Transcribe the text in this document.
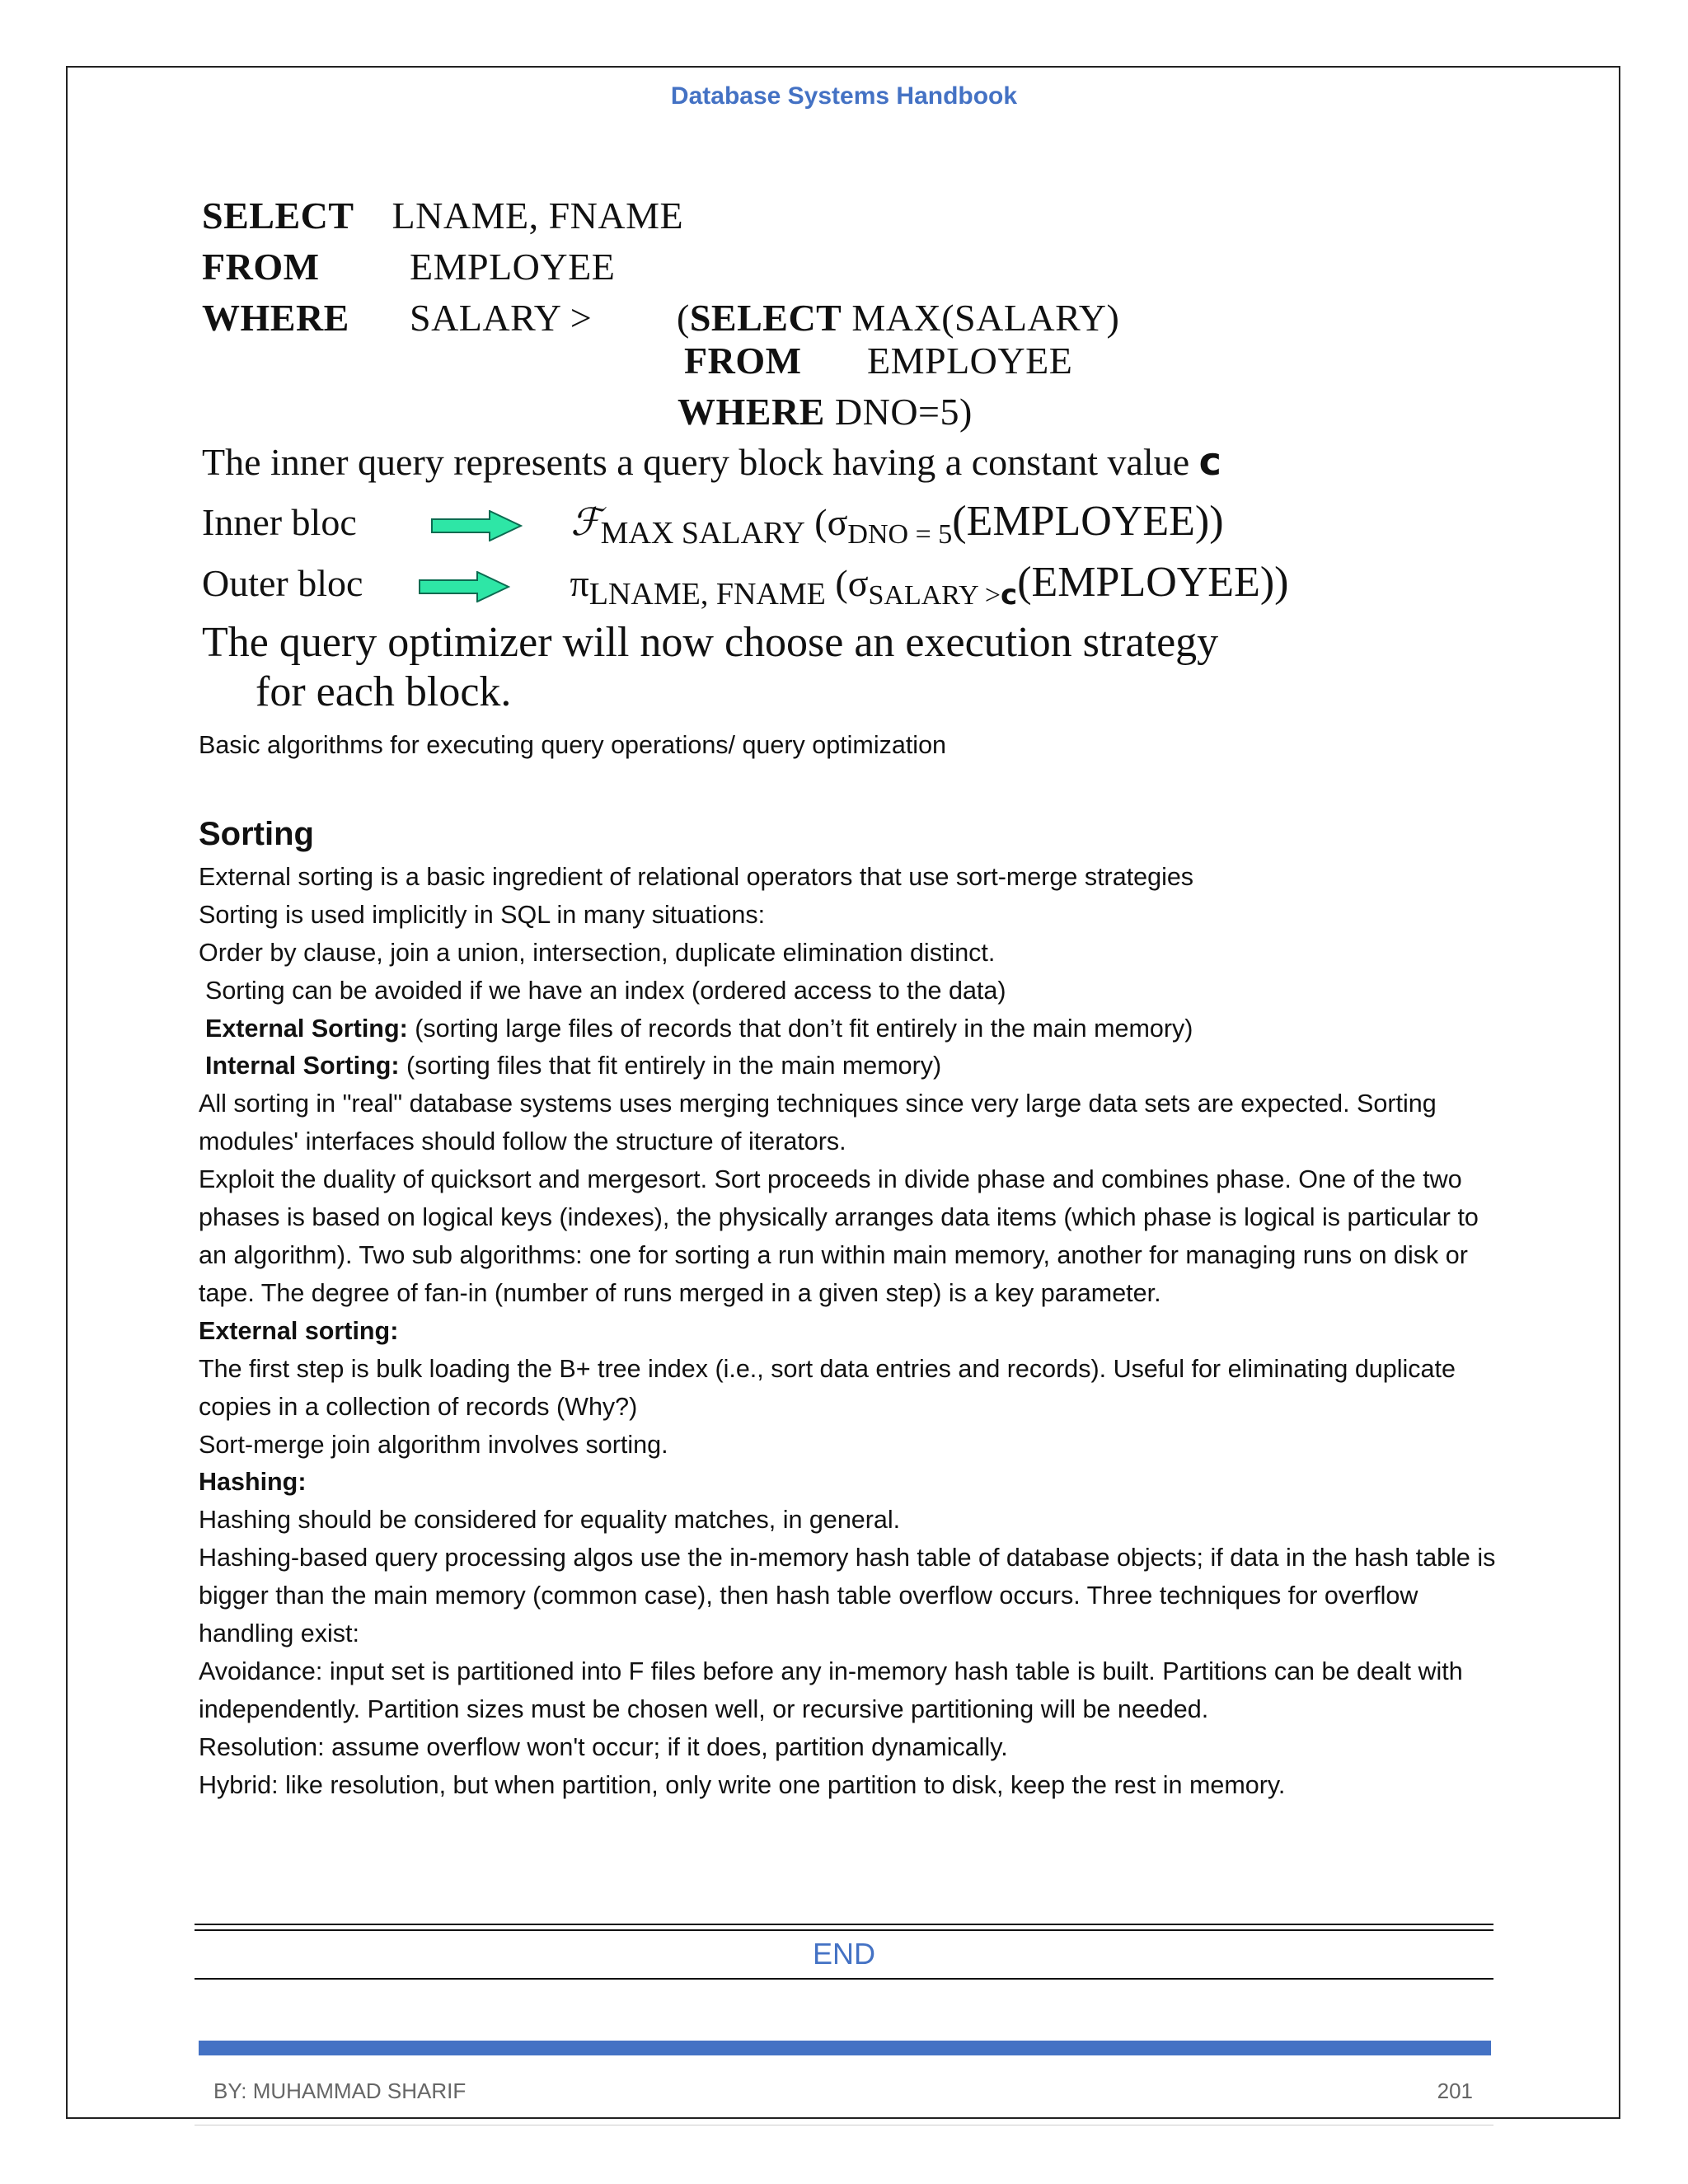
Database Systems Handbook
SELECT LNAME, FNAME
FROM EMPLOYEE
WHERE SALARY > (SELECT MAX(SALARY)
FROM EMPLOYEE
WHERE DNO=5)
The inner query represents a query block having a constant value c
Inner bloc	ℱ$_{MAX SALARY}$ $(\sigma_{DNO = 5}(EMPLOYEE))$
Outer bloc	$\pi_{LNAME, FNAME}$ $(\sigma_{SALARY >c}(EMPLOYEE))$
The query optimizer will now choose an execution strategy
for each block.

Basic algorithms for executing query operations/ query optimization

Sorting

External sorting is a basic ingredient of relational operators that use sort-merge strategies

Sorting is used implicitly in SQL in many situations:

Order by clause, join a union, intersection, duplicate elimination distinct.

Sorting can be avoided if we have an index (ordered access to the data)

External Sorting: (sorting large files of records that don’t fit entirely in the main memory)

Internal Sorting: (sorting files that fit entirely in the main memory)

All sorting in "real" database systems uses merging techniques since very large data sets are expected. Sorting modules' interfaces should follow the structure of iterators.

Exploit the duality of quicksort and mergesort. Sort proceeds in divide phase and combines phase. One of the two phases is based on logical keys (indexes), the physically arranges data items (which phase is logical is particular to an algorithm). Two sub algorithms: one for sorting a run within main memory, another for managing runs on disk or tape. The degree of fan-in (number of runs merged in a given step) is a key parameter.

External sorting:

The first step is bulk loading the B+ tree index (i.e., sort data entries and records). Useful for eliminating duplicate copies in a collection of records (Why?)

Sort-merge join algorithm involves sorting.

Hashing:

Hashing should be considered for equality matches, in general.

Hashing-based query processing algos use the in-memory hash table of database objects; if data in the hash table is bigger than the main memory (common case), then hash table overflow occurs. Three techniques for overflow handling exist:

Avoidance: input set is partitioned into F files before any in-memory hash table is built. Partitions can be dealt with independently. Partition sizes must be chosen well, or recursive partitioning will be needed.

Resolution: assume overflow won't occur; if it does, partition dynamically.

Hybrid: like resolution, but when partition, only write one partition to disk, keep the rest in memory.

END
BY: MUHAMMAD SHARIF	201
